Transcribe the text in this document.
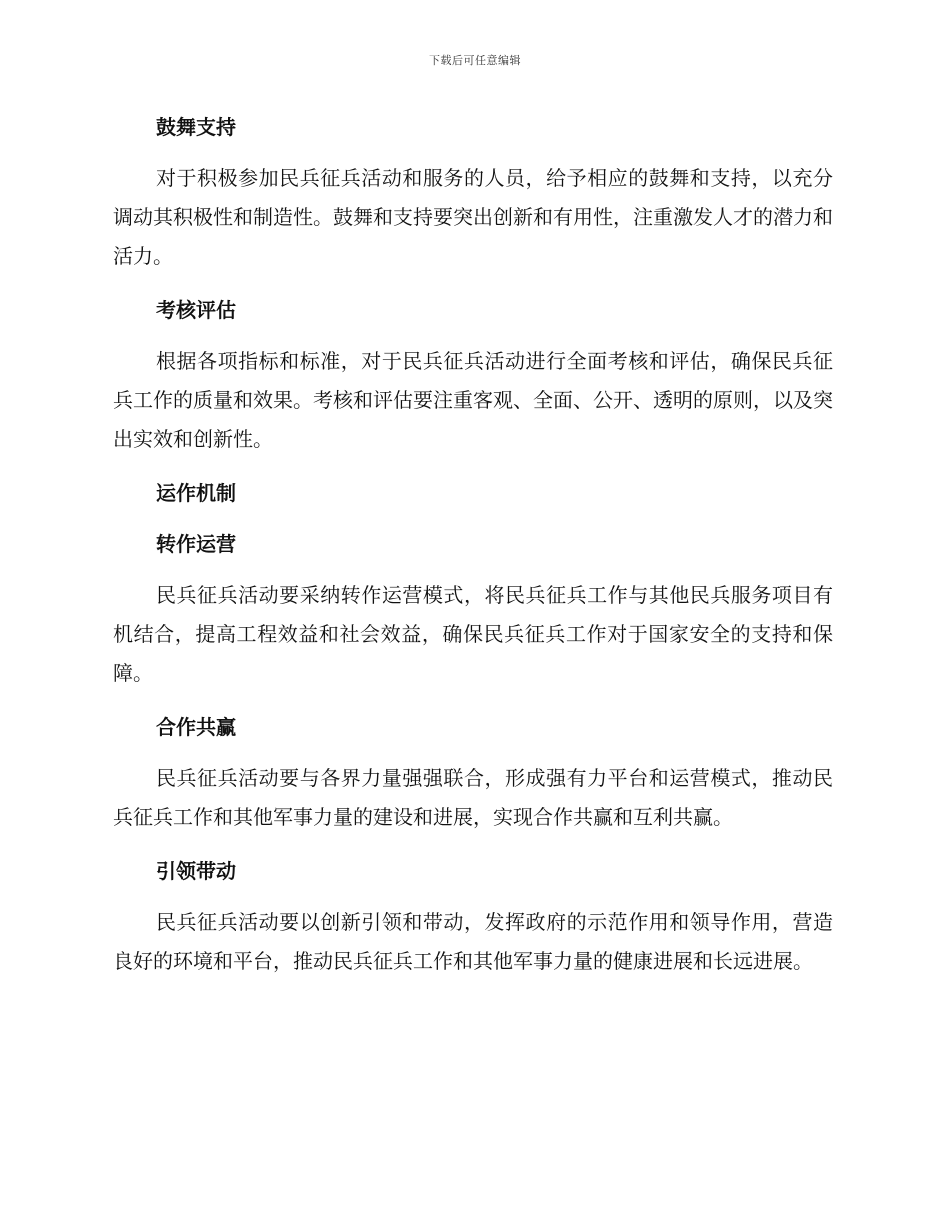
下载后可任意编辑
鼓舞支持

对于积极参加民兵征兵活动和服务的人员，给予相应的鼓舞和支持，以充分调动其积极性和制造性。鼓舞和支持要突出创新和有用性，注重激发人才的潜力和活力。

考核评估

根据各项指标和标准，对于民兵征兵活动进行全面考核和评估，确保民兵征兵工作的质量和效果。考核和评估要注重客观、全面、公开、透明的原则，以及突出实效和创新性。

运作机制
转作运营

民兵征兵活动要采纳转作运营模式，将民兵征兵工作与其他民兵服务项目有机结合，提高工程效益和社会效益，确保民兵征兵工作对于国家安全的支持和保障。

合作共赢

民兵征兵活动要与各界力量强强联合，形成强有力平台和运营模式，推动民兵征兵工作和其他军事力量的建设和进展，实现合作共赢和互利共赢。

引领带动

民兵征兵活动要以创新引领和带动，发挥政府的示范作用和领导作用，营造良好的环境和平台，推动民兵征兵工作和其他军事力量的健康进展和长远进展。
